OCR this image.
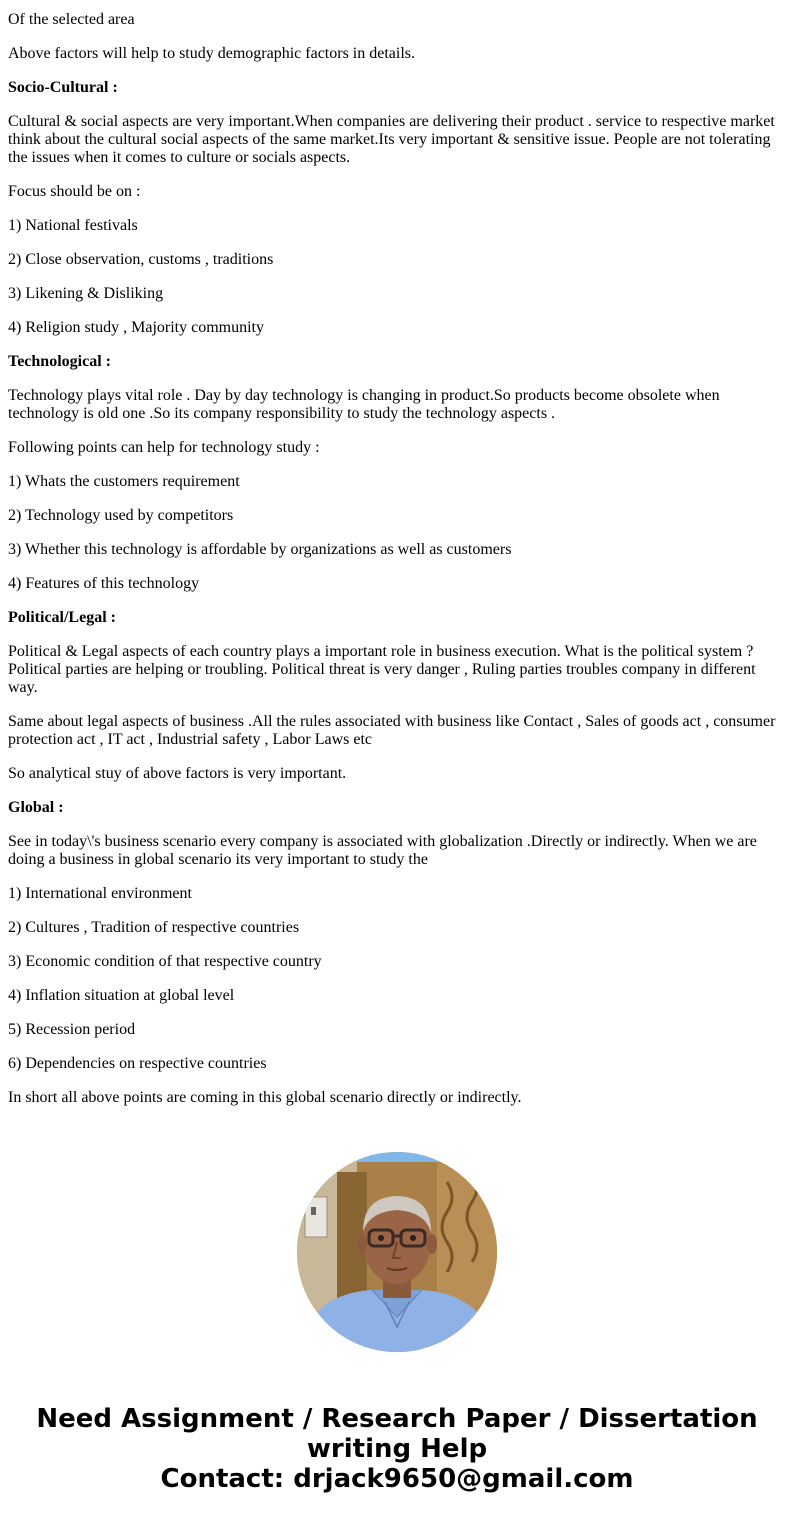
Of the selected area

Above factors will help to study demographic factors in details.

Socio-Cultural :

Cultural & social aspects are very important.When companies are delivering their product . service to respective market think about the cultural social aspects of the same market.Its very important & sensitive issue. People are not tolerating the issues when it comes to culture or socials aspects.

Focus should be on :

1) National festivals

2) Close observation, customs , traditions

3) Likening & Disliking

4) Religion study , Majority community

Technological :

Technology plays vital role . Day by day technology is changing in product.So products become obsolete when technology is old one .So its company responsibility to study the technology aspects .

Following points can help for technology study :

1) Whats the customers requirement

2) Technology used by competitors

3) Whether this technology is affordable by organizations as well as customers

4) Features of this technology

Political/Legal :

Political & Legal aspects of each country plays a important role in business execution. What is the political system ? Political parties are helping or troubling. Political threat is very danger , Ruling parties troubles company in different way.

Same about legal aspects of business .All the rules associated with business like Contact , Sales of goods act , consumer protection act , IT act , Industrial safety , Labor Laws etc

So analytical stuy of above factors is very important.

Global :

See in today\'s business scenario every company is associated with globalization .Directly or indirectly. When we are doing a business in global scenario its very important to study the

1) International environment

2) Cultures , Tradition of respective countries

3) Economic condition of that respective country

4) Inflation situation at global level

5) Recession period

6) Dependencies on respective countries

In short all above points are coming in this global scenario directly or indirectly.

Need Assignment / Research Paper / Dissertation
writing Help
Contact: drjack9650@gmail.com
